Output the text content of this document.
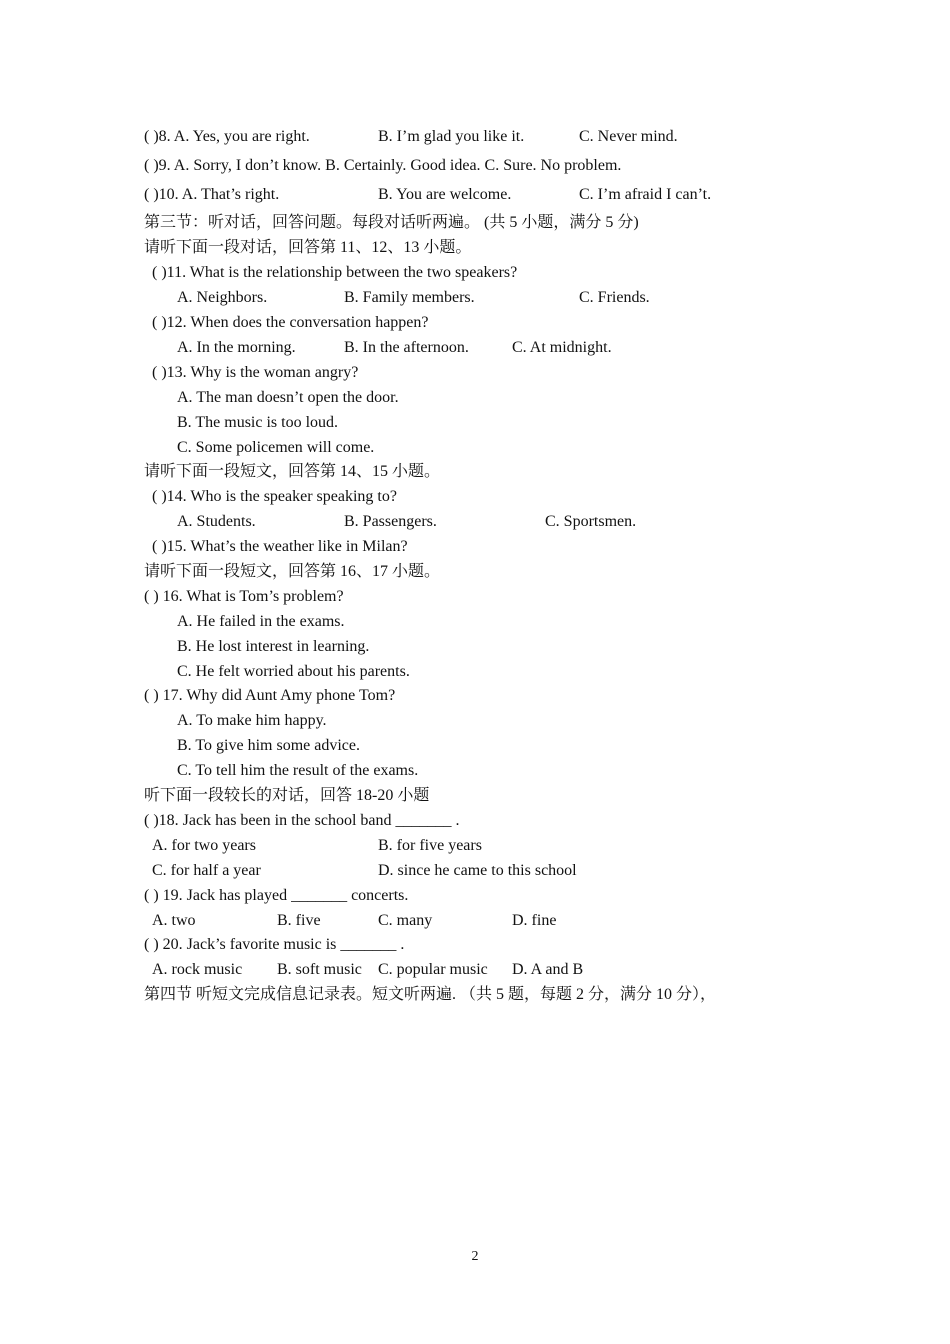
( )8. A. Yes, you are right.	B. I’m glad you like it.	C. Never mind.
( )9. A. Sorry, I don’t know. B. Certainly. Good idea. C. Sure. No problem.
( )10. A. That’s right.	B. You are welcome.	C. I’m afraid I can’t.
第三节：听对话，回答问题。每段对话听两遍。 (共 5 小题，满分 5 分)
请听下面一段对话，回答第 11、12、13 小题。
( )11. What is the relationship between the two speakers?
A. Neighbors.	B. Family members.	C. Friends.
( )12. When does the conversation happen?
A. In the morning.	B. In the afternoon.	C. At midnight.
( )13. Why is the woman angry?
A. The man doesn’t open the door.
B. The music is too loud.
C. Some policemen will come.
请听下面一段短文，回答第 14、15 小题。
( )14. Who is the speaker speaking to?
A. Students.	B. Passengers.	C. Sportsmen.
( )15. What’s the weather like in Milan?
请听下面一段短文，回答第 16、17 小题。
( ) 16. What is Tom’s problem?
A. He failed in the exams.
B. He lost interest in learning.
C. He felt worried about his parents.
( ) 17. Why did Aunt Amy phone Tom?
A. To make him happy.
B. To give him some advice.
C. To tell him the result of the exams.
听下面一段较长的对话，回答 18-20 小题
( )18. Jack has been in the school band _______ .
A. for two years	B. for five years
C. for half a year	D. since he came to this school
( ) 19. Jack has played _______ concerts.
A. two	B. five	C. many	D. fine
( ) 20. Jack’s favorite music is _______ .
A. rock music B. soft music C. popular music D. A and B
第四节 听短文完成信息记录表。短文听两遍. （共 5 题，每题 2 分，满分 10 分），
2
